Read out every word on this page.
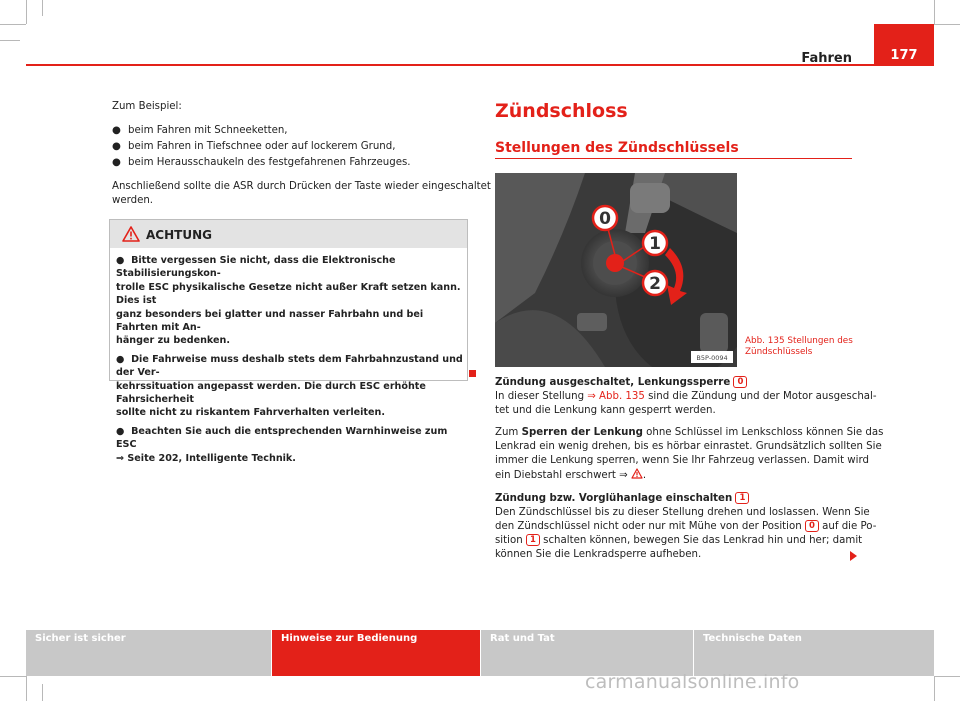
Fahren	177
Zum Beispiel:
● beim Fahren mit Schneeketten,
● beim Fahren in Tiefschnee oder auf lockerem Grund,
● beim Herausschaukeln des festgefahrenen Fahrzeuges.
Anschließend sollte die ASR durch Drücken der Taste wieder eingeschaltet
werden.
ACHTUNG

● Bitte vergessen Sie nicht, dass die Elektronische Stabilisierungskon-
trolle ESC physikalische Gesetze nicht außer Kraft setzen kann. Dies ist
ganz besonders bei glatter und nasser Fahrbahn und bei Fahrten mit An-
hänger zu bedenken.

● Die Fahrweise muss deshalb stets dem Fahrbahnzustand und der Ver-
kehrssituation angepasst werden. Die durch ESC erhöhte Fahrsicherheit
sollte nicht zu riskantem Fahrverhalten verleiten.

● Beachten Sie auch die entsprechenden Warnhinweise zum ESC
⇒ Seite 202, Intelligente Technik.

Zündschloss
Stellungen des Zündschlüssels
0
1
2
B5P-0094
Abb. 135 Stellungen des
Zündschlüssels
Zündung ausgeschaltet, Lenkungssperre 0
In dieser Stellung ⇒ Abb. 135 sind die Zündung und der Motor ausgeschal-
tet und die Lenkung kann gesperrt werden.
Zum Sperren der Lenkung ohne Schlüssel im Lenkschloss können Sie das
Lenkrad ein wenig drehen, bis es hörbar einrastet. Grundsätzlich sollten Sie
immer die Lenkung sperren, wenn Sie Ihr Fahrzeug verlassen. Damit wird
ein Diebstahl erschwert ⇒ .
Zündung bzw. Vorglühanlage einschalten 1
Den Zündschlüssel bis zu dieser Stellung drehen und loslassen. Wenn Sie
den Zündschlüssel nicht oder nur mit Mühe von der Position 0 auf die Po-
sition 1 schalten können, bewegen Sie das Lenkrad hin und her; damit
können Sie die Lenkradsperre aufheben.
Sicher ist sicher	Hinweise zur Bedienung	Rat und Tat	Technische Daten
carmanualsonline.info
